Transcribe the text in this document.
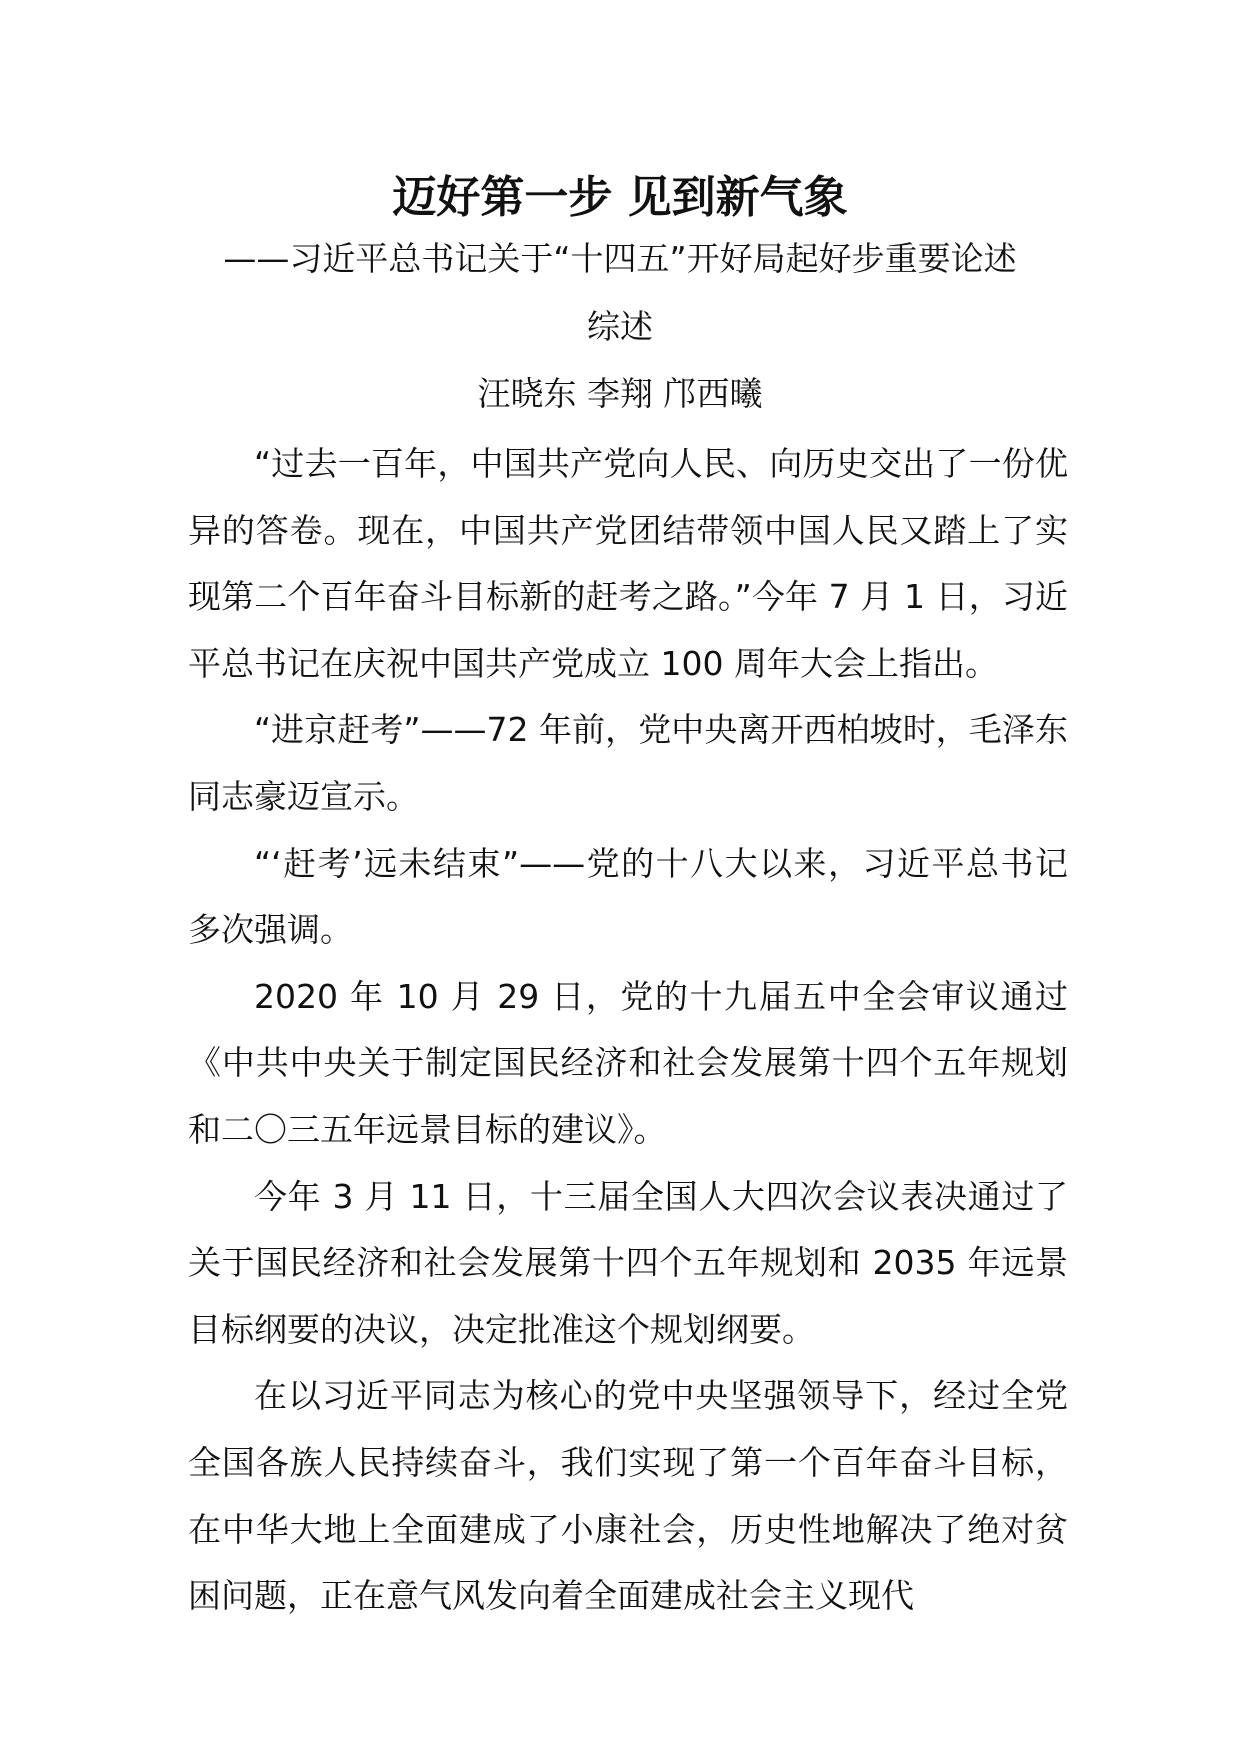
迈好第一步 见到新气象

——习近平总书记关于“十四五”开好局起好步重要论述

综述

汪晓东 李翔 邝西曦

“过去一百年，中国共产党向人民、向历史交出了一份优异的答卷。现在，中国共产党团结带领中国人民又踏上了实现第二个百年奋斗目标新的赶考之路。”今年 7 月 1 日，习近平总书记在庆祝中国共产党成立 100 周年大会上指出。

“进京赶考”——72 年前，党中央离开西柏坡时，毛泽东同志豪迈宣示。

“‘赶考’远未结束”——党的十八大以来，习近平总书记多次强调。

2020 年 10 月 29 日，党的十九届五中全会审议通过《中共中央关于制定国民经济和社会发展第十四个五年规划和二〇三五年远景目标的建议》。

今年 3 月 11 日，十三届全国人大四次会议表决通过了关于国民经济和社会发展第十四个五年规划和 2035 年远景目标纲要的决议，决定批准这个规划纲要。

在以习近平同志为核心的党中央坚强领导下，经过全党全国各族人民持续奋斗，我们实现了第一个百年奋斗目标，在中华大地上全面建成了小康社会，历史性地解决了绝对贫困问题，正在意气风发向着全面建成社会主义现代
